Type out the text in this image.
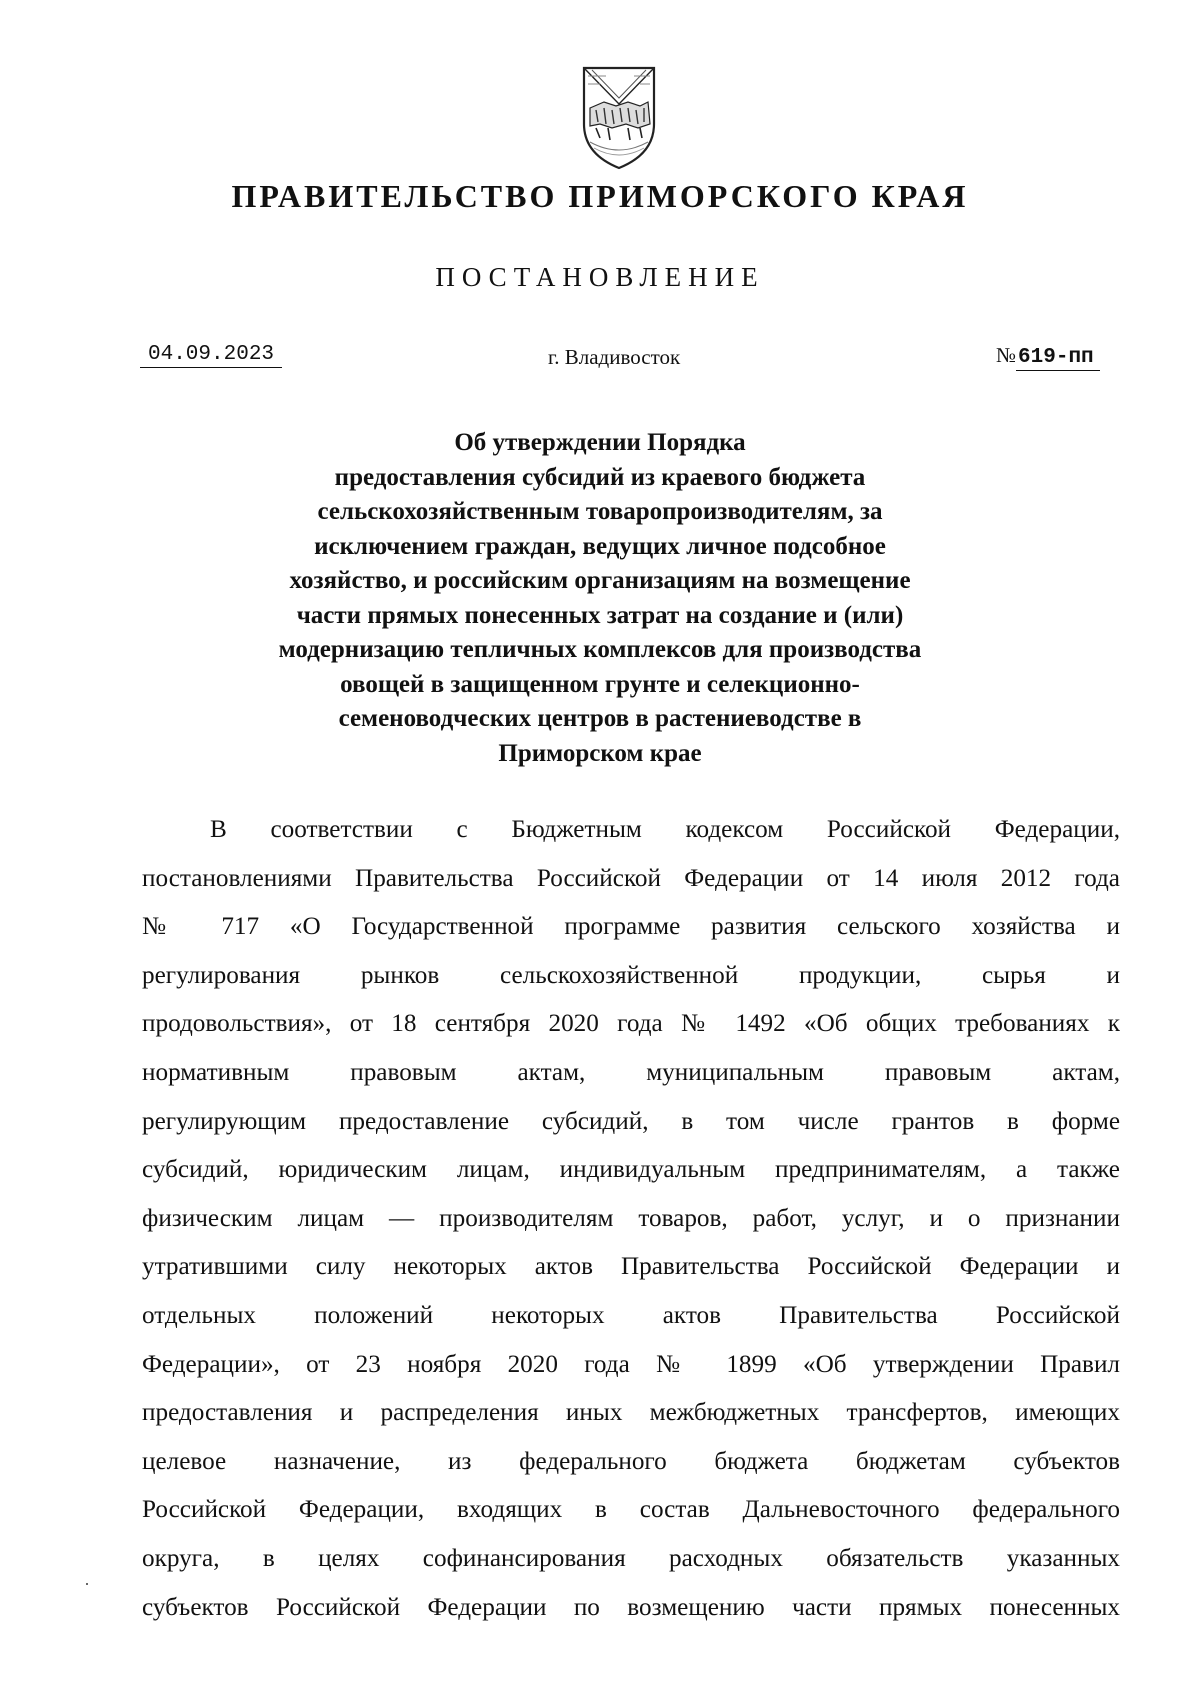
ПРАВИТЕЛЬСТВО ПРИМОРСКОГО КРАЯ
ПОСТАНОВЛЕНИЕ
04.09.2023	г. Владивосток	№619-пп
Об утверждении Порядка
предоставления субсидий из краевого бюджета
сельскохозяйственным товаропроизводителям, за
исключением граждан, ведущих личное подсобное
хозяйство, и российским организациям на возмещение
части прямых понесенных затрат на создание и (или)
модернизацию тепличных комплексов для производства
овощей в защищенном грунте и селекционно-
семеноводческих центров в растениеводстве в
Приморском крае
В соответствии с Бюджетным кодексом Российской Федерации,
постановлениями Правительства Российской Федерации от 14 июля 2012 года
№ 717 «О Государственной программе развития сельского хозяйства и
регулирования рынков сельскохозяйственной продукции, сырья и
продовольствия», от 18 сентября 2020 года № 1492 «Об общих требованиях к
нормативным правовым актам, муниципальным правовым актам,
регулирующим предоставление субсидий, в том числе грантов в форме
субсидий, юридическим лицам, индивидуальным предпринимателям, а также
физическим лицам — производителям товаров, работ, услуг, и о признании
утратившими силу некоторых актов Правительства Российской Федерации и
отдельных положений некоторых актов Правительства Российской
Федерации», от 23 ноября 2020 года № 1899 «Об утверждении Правил
предоставления и распределения иных межбюджетных трансфертов, имеющих
целевое назначение, из федерального бюджета бюджетам субъектов
Российской Федерации, входящих в состав Дальневосточного федерального
округа, в целях софинансирования расходных обязательств указанных
субъектов Российской Федерации по возмещению части прямых понесенных
